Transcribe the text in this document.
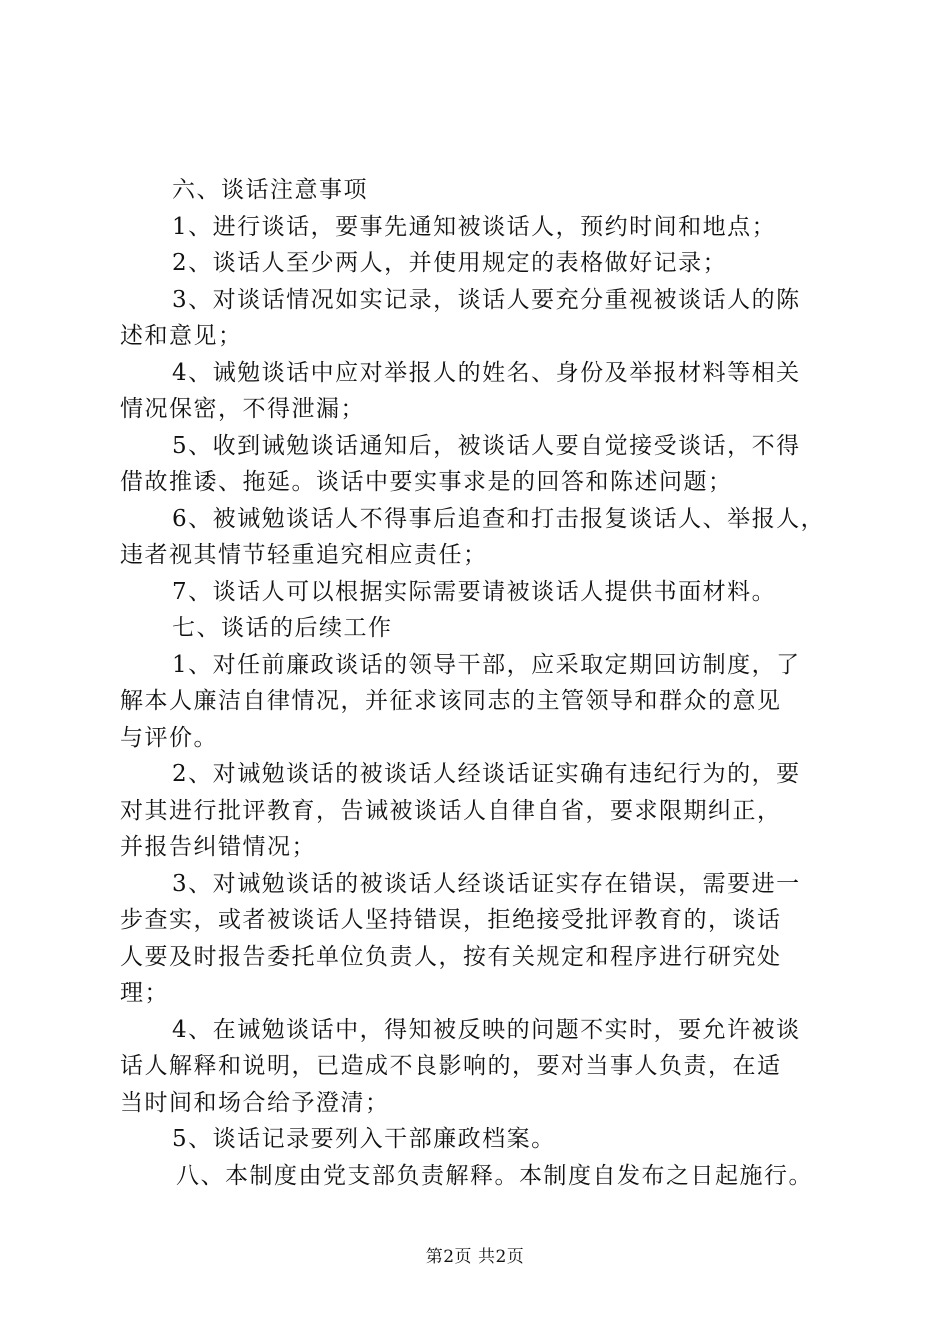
六、谈话注意事项
1、进行谈话，要事先通知被谈话人，预约时间和地点；
2、谈话人至少两人，并使用规定的表格做好记录；
3、对谈话情况如实记录，谈话人要充分重视被谈话人的陈
述和意见；
4、诫勉谈话中应对举报人的姓名、身份及举报材料等相关
情况保密，不得泄漏；
5、收到诫勉谈话通知后，被谈话人要自觉接受谈话，不得
借故推诿、拖延。谈话中要实事求是的回答和陈述问题；
6、被诫勉谈话人不得事后追查和打击报复谈话人、举报人，
违者视其情节轻重追究相应责任；
7、谈话人可以根据实际需要请被谈话人提供书面材料。
七、谈话的后续工作
1、对任前廉政谈话的领导干部，应采取定期回访制度，了
解本人廉洁自律情况，并征求该同志的主管领导和群众的意见
与评价。
2、对诫勉谈话的被谈话人经谈话证实确有违纪行为的，要
对其进行批评教育，告诫被谈话人自律自省，要求限期纠正，
并报告纠错情况；
3、对诫勉谈话的被谈话人经谈话证实存在错误，需要进一
步查实，或者被谈话人坚持错误，拒绝接受批评教育的，谈话
人要及时报告委托单位负责人，按有关规定和程序进行研究处
理；
4、在诫勉谈话中，得知被反映的问题不实时，要允许被谈
话人解释和说明，已造成不良影响的，要对当事人负责，在适
当时间和场合给予澄清；
5、谈话记录要列入干部廉政档案。
八、本制度由党支部负责解释。本制度自发布之日起施行。
第2页 共2页
